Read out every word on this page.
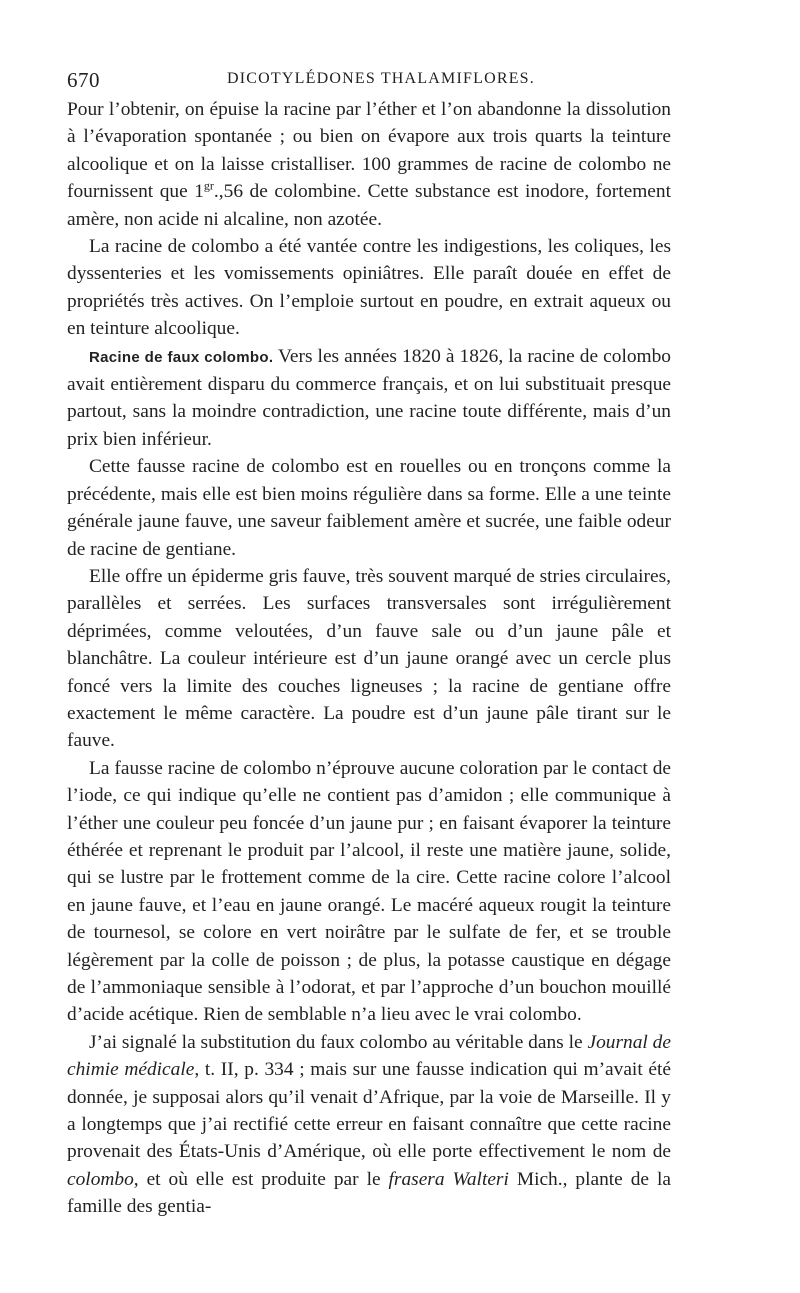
670	DICOTYLÉDONES THALAMIFLORES.

Pour l’obtenir, on épuise la racine par l’éther et l’on abandonne la dissolution à l’évaporation spontanée ; ou bien on évapore aux trois quarts la teinture alcoolique et on la laisse cristalliser. 100 grammes de racine de colombo ne fournissent que $1^{gr}.,56$ de colombine. Cette substance est inodore, fortement amère, non acide ni alcaline, non azotée.

La racine de colombo a été vantée contre les indigestions, les coliques, les dyssenteries et les vomissements opiniâtres. Elle paraît douée en effet de propriétés très actives. On l’emploie surtout en poudre, en extrait aqueux ou en teinture alcoolique.

Racine de faux colombo. Vers les années 1820 à 1826, la racine de colombo avait entièrement disparu du commerce français, et on lui substituait presque partout, sans la moindre contradiction, une racine toute différente, mais d’un prix bien inférieur.

Cette fausse racine de colombo est en rouelles ou en tronçons comme la précédente, mais elle est bien moins régulière dans sa forme. Elle a une teinte générale jaune fauve, une saveur faiblement amère et sucrée, une faible odeur de racine de gentiane.

Elle offre un épiderme gris fauve, très souvent marqué de stries circulaires, parallèles et serrées. Les surfaces transversales sont irrégulièrement déprimées, comme veloutées, d’un fauve sale ou d’un jaune pâle et blanchâtre. La couleur intérieure est d’un jaune orangé avec un cercle plus foncé vers la limite des couches ligneuses ; la racine de gentiane offre exactement le même caractère. La poudre est d’un jaune pâle tirant sur le fauve.

La fausse racine de colombo n’éprouve aucune coloration par le contact de l’iode, ce qui indique qu’elle ne contient pas d’amidon ; elle communique à l’éther une couleur peu foncée d’un jaune pur ; en faisant évaporer la teinture éthérée et reprenant le produit par l’alcool, il reste une matière jaune, solide, qui se lustre par le frottement comme de la cire. Cette racine colore l’alcool en jaune fauve, et l’eau en jaune orangé. Le macéré aqueux rougit la teinture de tournesol, se colore en vert noirâtre par le sulfate de fer, et se trouble légèrement par la colle de poisson ; de plus, la potasse caustique en dégage de l’ammoniaque sensible à l’odorat, et par l’approche d’un bouchon mouillé d’acide acétique. Rien de semblable n’a lieu avec le vrai colombo.

J’ai signalé la substitution du faux colombo au véritable dans le Journal de chimie médicale, t. II, p. 334 ; mais sur une fausse indication qui m’avait été donnée, je supposai alors qu’il venait d’Afrique, par la voie de Marseille. Il y a longtemps que j’ai rectifié cette erreur en faisant connaître que cette racine provenait des États-Unis d’Amérique, où elle porte effectivement le nom de colombo, et où elle est produite par le frasera Walteri Mich., plante de la famille des gentia-
